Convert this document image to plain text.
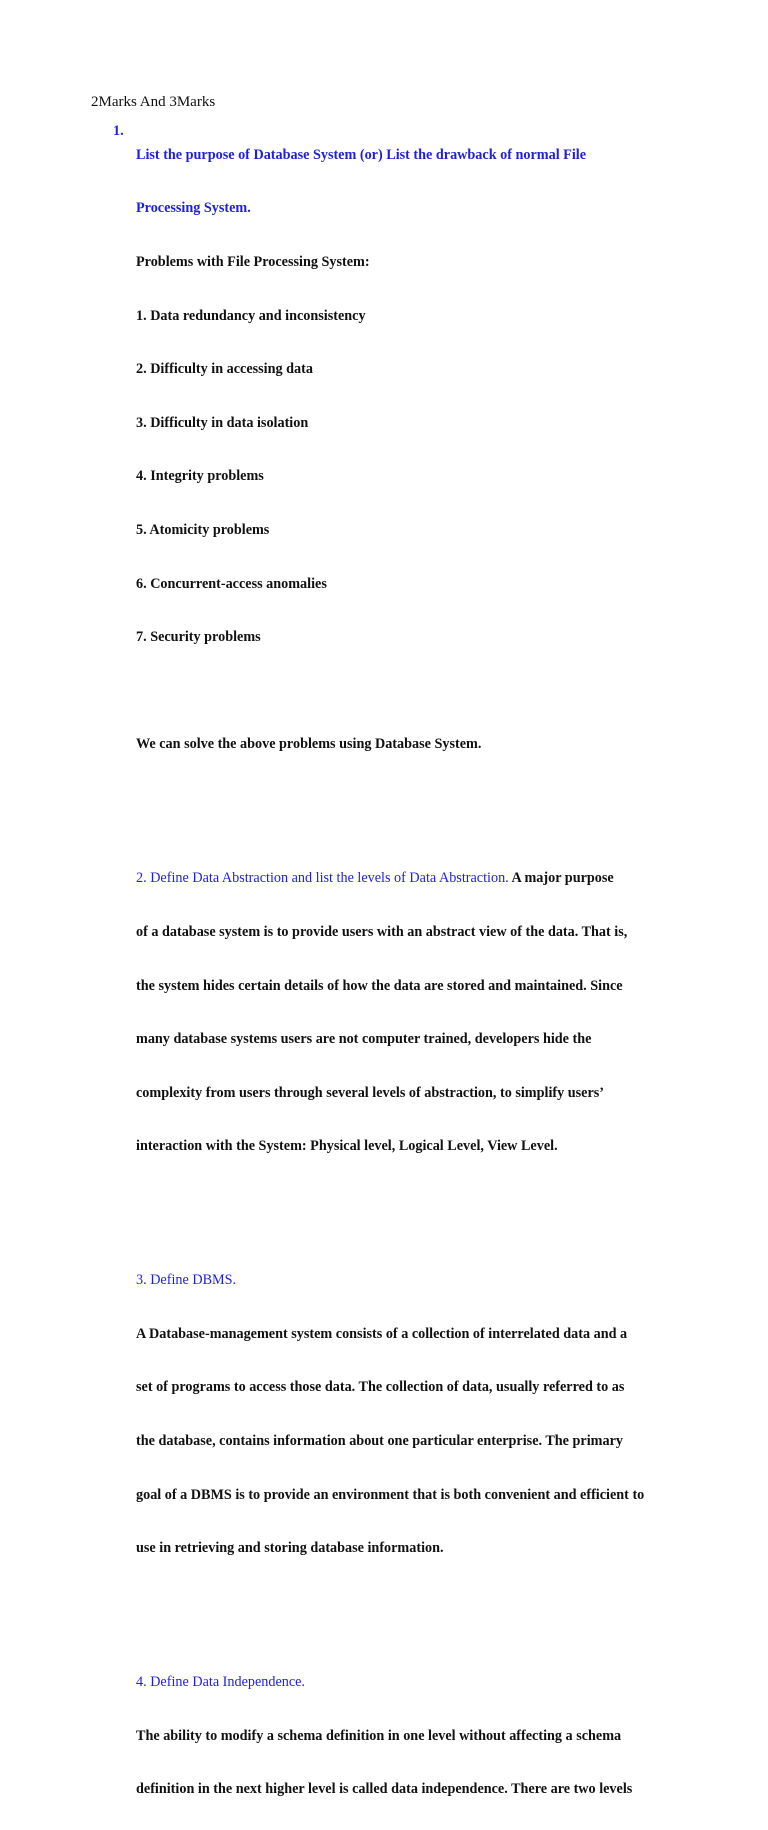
2Marks And 3Marks
1.

List the purpose of Database System (or) List the drawback of normal File

Processing System.

Problems with File Processing System:

1. Data redundancy and inconsistency

2. Difficulty in accessing data

3. Difficulty in data isolation

4. Integrity problems

5. Atomicity problems

6. Concurrent-access anomalies

7. Security problems

We can solve the above problems using Database System.

2. Define Data Abstraction and list the levels of Data Abstraction. A major purpose

of a database system is to provide users with an abstract view of the data. That is,

the system hides certain details of how the data are stored and maintained. Since

many database systems users are not computer trained, developers hide the

complexity from users through several levels of abstraction, to simplify users’

interaction with the System: Physical level, Logical Level, View Level.

3. Define DBMS.

A Database-management system consists of a collection of interrelated data and a

set of programs to access those data. The collection of data, usually referred to as

the database, contains information about one particular enterprise. The primary

goal of a DBMS is to provide an environment that is both convenient and efficient to

use in retrieving and storing database information.

4. Define Data Independence.

The ability to modify a schema definition in one level without affecting a schema

definition in the next higher level is called data independence. There are two levels
